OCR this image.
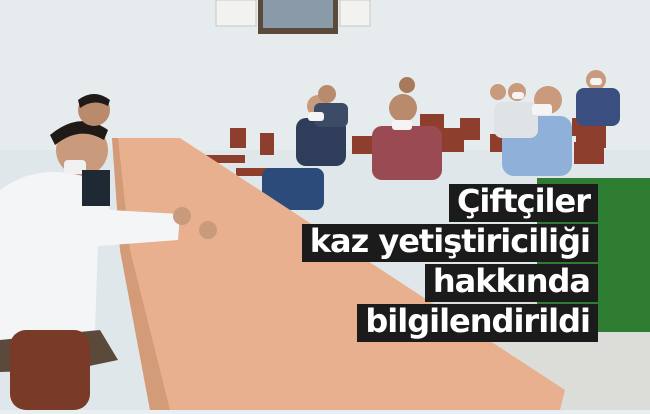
Çiftçiler
kaz yetiştiriciliği
hakkında
bilgilendirildi
